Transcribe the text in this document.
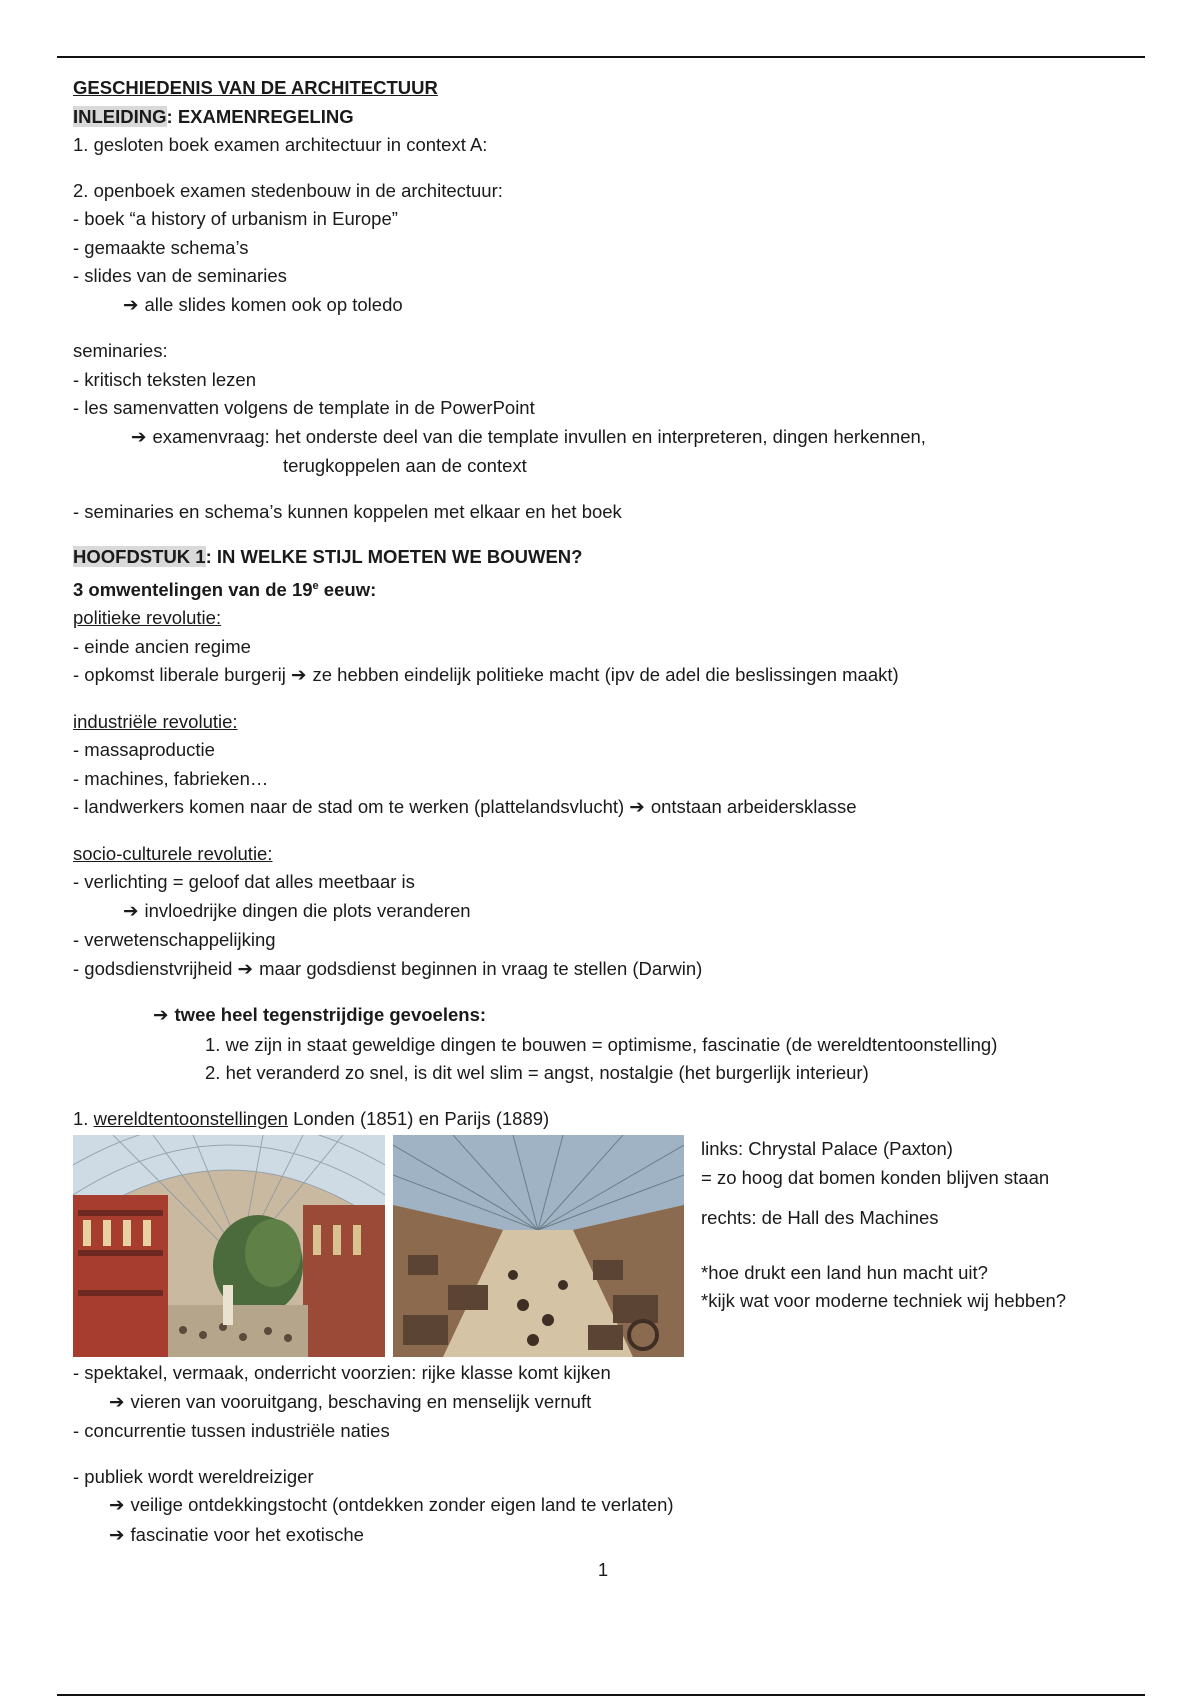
GESCHIEDENIS VAN DE ARCHITECTUUR
INLEIDING: EXAMENREGELING
1. gesloten boek examen architectuur in context A:
2. openboek examen stedenbouw in de architectuur:
- boek “a history of urbanism in Europe”
- gemaakte schema’s
- slides van de seminaries
➔ alle slides komen ook op toledo
seminaries:
- kritisch teksten lezen
- les samenvatten volgens de template in de PowerPoint
➔ examenvraag: het onderste deel van die template invullen en interpreteren, dingen herkennen,
terugkoppelen aan de context
- seminaries en schema’s kunnen koppelen met elkaar en het boek
HOOFDSTUK 1: IN WELKE STIJL MOETEN WE BOUWEN?
3 omwentelingen van de 19e eeuw:
politieke revolutie:
- einde ancien regime
- opkomst liberale burgerij ➔ ze hebben eindelijk politieke macht (ipv de adel die beslissingen maakt)
industriële revolutie:
- massaproductie
- machines, fabrieken…
- landwerkers komen naar de stad om te werken (plattelandsvlucht) ➔ ontstaan arbeidersklasse
socio-culturele revolutie:
- verlichting = geloof dat alles meetbaar is
➔ invloedrijke dingen die plots veranderen
- verwetenschappelijking
- godsdienstvrijheid ➔ maar godsdienst beginnen in vraag te stellen (Darwin)
➔ twee heel tegenstrijdige gevoelens:
1. we zijn in staat geweldige dingen te bouwen = optimisme, fascinatie (de wereldtentoonstelling)
2. het veranderd zo snel, is dit wel slim = angst, nostalgie (het burgerlijk interieur)
1. wereldtentoonstellingen Londen (1851) en Parijs (1889)
links: Chrystal Palace (Paxton)
= zo hoog dat bomen konden blijven staan
rechts: de Hall des Machines
*hoe drukt een land hun macht uit?
*kijk wat voor moderne techniek wij hebben?
- spektakel, vermaak, onderricht voorzien: rijke klasse komt kijken
➔ vieren van vooruitgang, beschaving en menselijk vernuft
- concurrentie tussen industriële naties
- publiek wordt wereldreiziger
➔ veilige ontdekkingstocht (ontdekken zonder eigen land te verlaten)
➔ fascinatie voor het exotische
1
